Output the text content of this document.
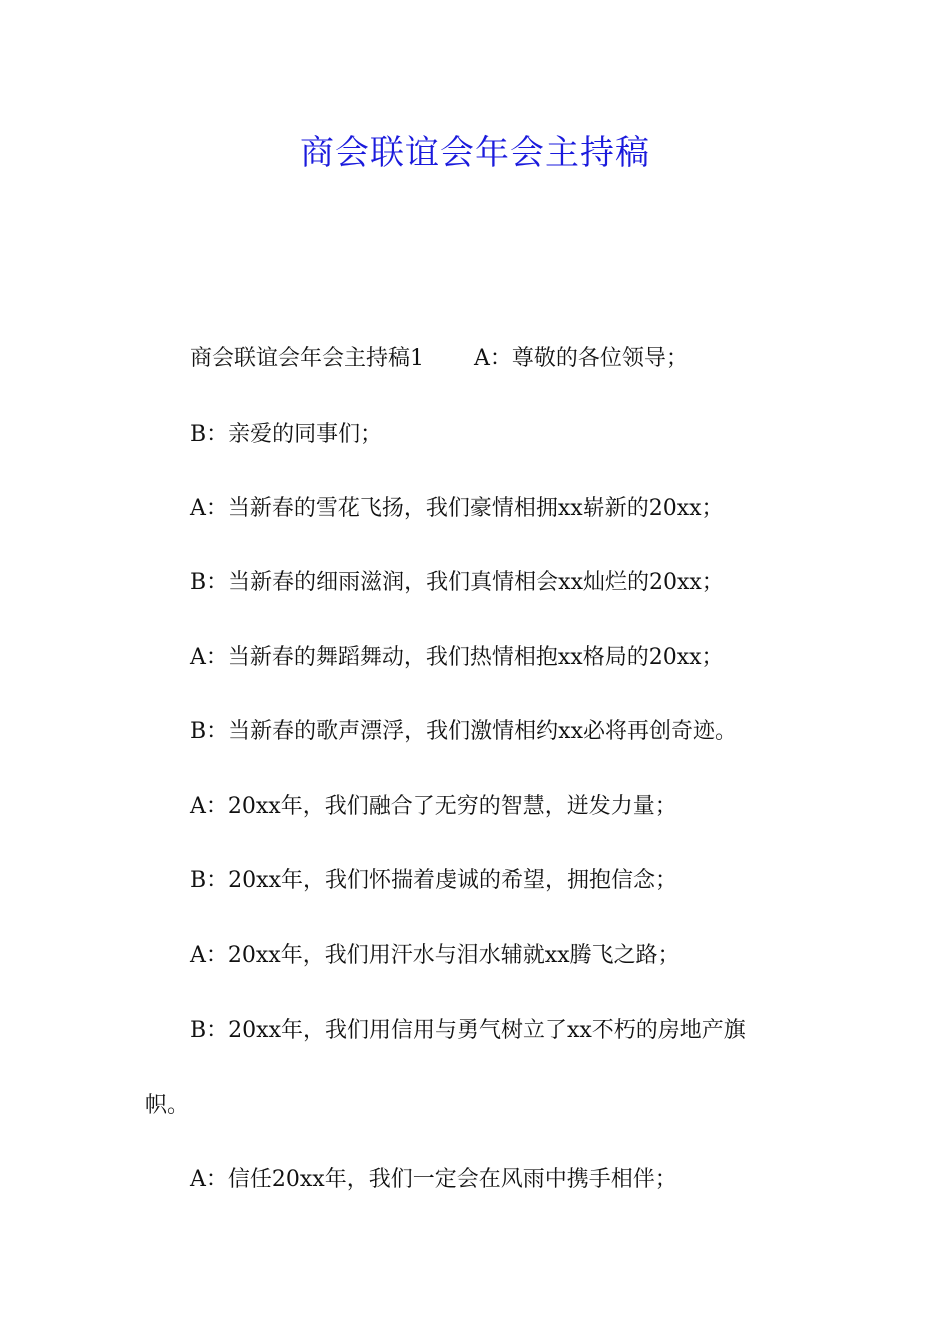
商会联谊会年会主持稿
商会联谊会年会主持稿1 A：尊敬的各位领导；
B：亲爱的同事们；
A：当新春的雪花飞扬，我们豪情相拥xx崭新的20xx；
B：当新春的细雨滋润，我们真情相会xx灿烂的20xx；
A：当新春的舞蹈舞动，我们热情相抱xx格局的20xx；
B：当新春的歌声漂浮，我们激情相约xx必将再创奇迹。
A：20xx年，我们融合了无穷的智慧，迸发力量；
B：20xx年，我们怀揣着虔诚的希望，拥抱信念；
A：20xx年，我们用汗水与泪水辅就xx腾飞之路；
B：20xx年，我们用信用与勇气树立了xx不朽的房地产旗
帜。
A：信任20xx年，我们一定会在风雨中携手相伴；
